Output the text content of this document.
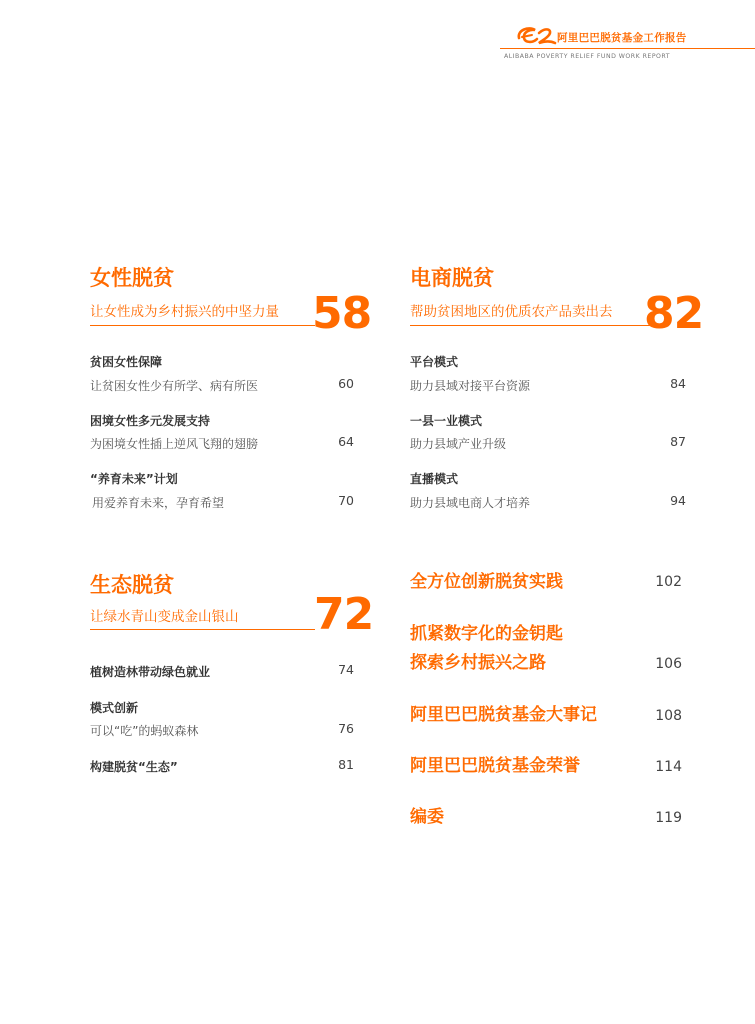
阿里巴巴脱贫基金工作报告
ALIBABA POVERTY RELIEF FUND WORK REPORT
女性脱贫
让女性成为乡村振兴的中坚力量 58
贫困女性保障
让贫困女性少有所学、病有所医	60
困境女性多元发展支持
为困境女性插上逆风飞翔的翅膀	64
“养育未来”计划
用爱养育未来，孕育希望	70
电商脱贫
帮助贫困地区的优质农产品卖出去 82
平台模式
助力县域对接平台资源	84
一县一业模式
助力县域产业升级	87
直播模式
助力县域电商人才培养	94
生态脱贫
让绿水青山变成金山银山 72
植树造林带动绿色就业	74
模式创新
可以“吃”的蚂蚁森林	76
构建脱贫“生态”	81
全方位创新脱贫实践	102
抓紧数字化的金钥匙
探索乡村振兴之路	106
阿里巴巴脱贫基金大事记	108
阿里巴巴脱贫基金荣誉	114
编委	119
